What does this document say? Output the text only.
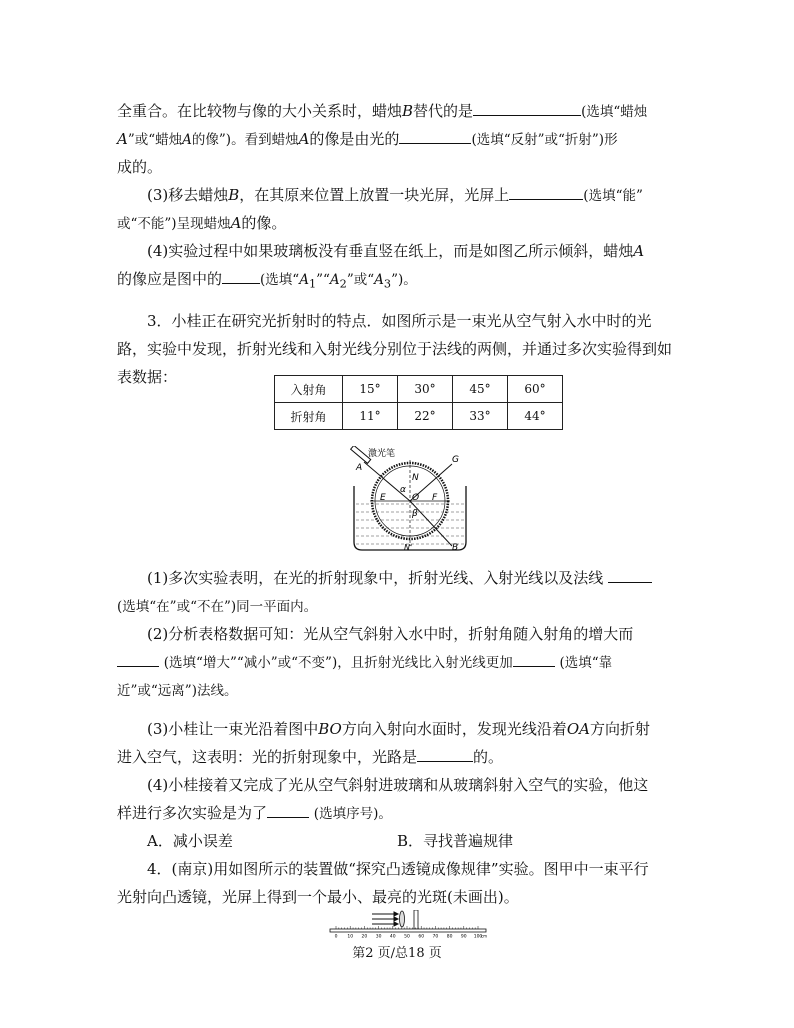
全重合。在比较物与像的大小关系时，蜡烛B替代的是	(选填“蜡烛

A”或“蜡烛A的像”)。看到蜡烛A的像是由光的	(选填“反射”或“折射”)形

成的。

(3)移去蜡烛B，在其原来位置上放置一块光屏，光屏上	(选填“能”

或“不能”)呈现蜡烛A的像。

(4)实验过程中如果玻璃板没有垂直竖在纸上，而是如图乙所示倾斜，蜡烛A

的像应是图中的	(选填“$A_1”“A_2$”或“$A_3$”)。

3．小桂正在研究光折射时的特点．如图所示是一束光从空气射入水中时的光路，实验中发现，折射光线和入射光线分别位于法线的两侧，并通过多次实验得到如表数据：

入射角	15°	30°	45°	60°
折射角	11°	22°	33°	44°
激光笔
A
N
G
E
α
O F
β
N'	B

(1)多次实验表明，在光的折射现象中，折射光线、入射光线以及法线

(选填“在”或“不在”)同一平面内。

(2)分析表格数据可知：光从空气斜射入水中时，折射角随入射角的增大而

(选填“增大”“减小”或“不变”)，且折射光线比入射光线更加	(选填“靠

近”或“远离”)法线。

(3)小桂让一束光沿着图中BO方向入射向水面时，发现光线沿着OA方向折射

进入空气，这表明：光的折射现象中，光路是	的。

(4)小桂接着又完成了光从空气斜射进玻璃和从玻璃斜射入空气的实验，他这

样进行多次实验是为了	(选填序号)。

A．减小误差	B．寻找普遍规律

4．(南京)用如图所示的装置做“探究凸透镜成像规律”实验。图甲中一束平行

光射向凸透镜，光屏上得到一个最小、最亮的光斑(未画出)。

0 10 20 30 40 50 60 70 80 90 100
cm
第2 页/总18 页
